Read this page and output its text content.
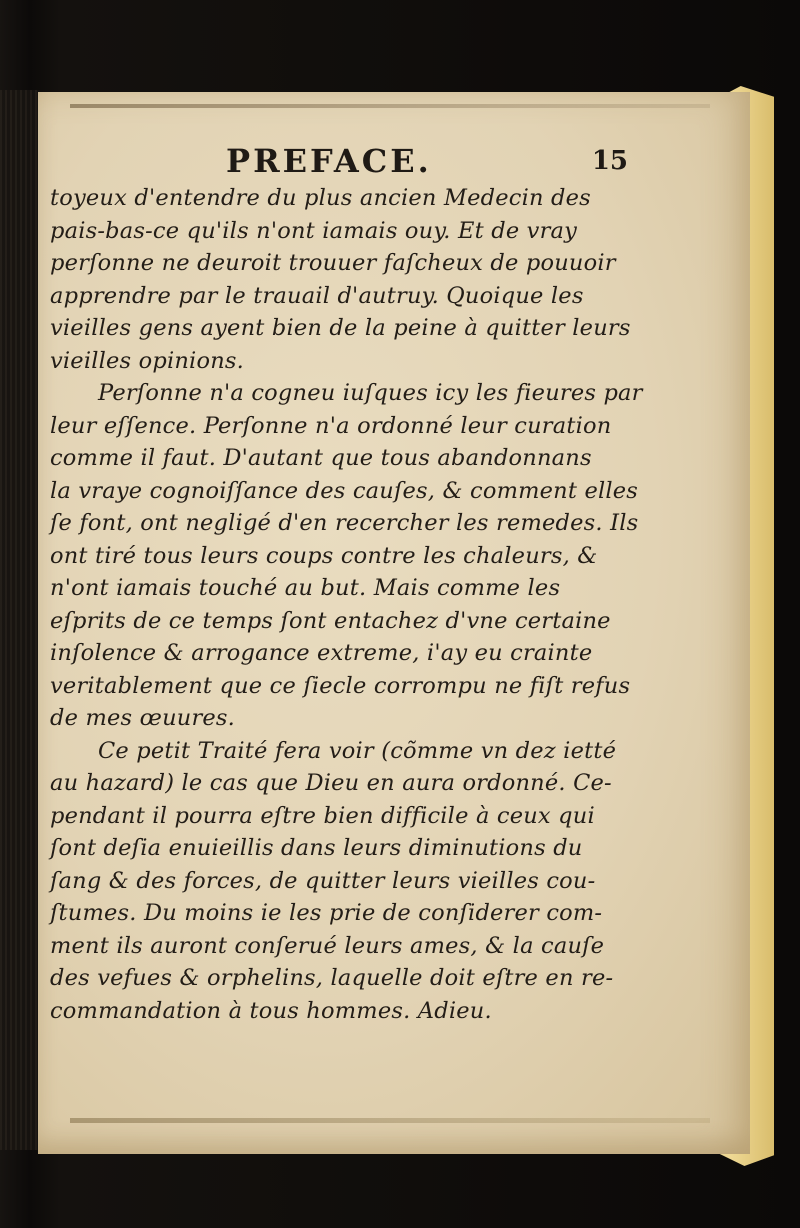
PREFACE.	15
toyeux d'entendre du plus ancien Medecin des
pais-bas-ce qu'ils n'ont iamais ouy. Et de vray
perſonne ne deuroit trouuer faſcheux de pouuoir
apprendre par le trauail d'autruy. Quoique les
vieilles gens ayent bien de la peine à quitter leurs
vieilles opinions.
Perſonne n'a cogneu iuſques icy les fieures par
leur eſſence. Perſonne n'a ordonné leur curation
comme il faut. D'autant que tous abandonnans
la vraye cognoiſſance des cauſes, & comment elles
ſe font, ont negligé d'en recercher les remedes. Ils
ont tiré tous leurs coups contre les chaleurs, &
n'ont iamais touché au but. Mais comme les
eſprits de ce temps ſont entachez d'vne certaine
inſolence & arrogance extreme, i'ay eu crainte
veritablement que ce ſiecle corrompu ne fiſt refus
de mes œuures.
Ce petit Traité fera voir (cõmme vn dez ietté
au hazard) le cas que Dieu en aura ordonné. Ce-
pendant il pourra eſtre bien difficile à ceux qui
ſont deſia enuieillis dans leurs diminutions du
ſang & des forces, de quitter leurs vieilles cou-
ſtumes. Du moins ie les prie de conſiderer com-
ment ils auront conſerué leurs ames, & la cauſe
des vefues & orphelins, laquelle doit eſtre en re-
commandation à tous hommes. Adieu.
